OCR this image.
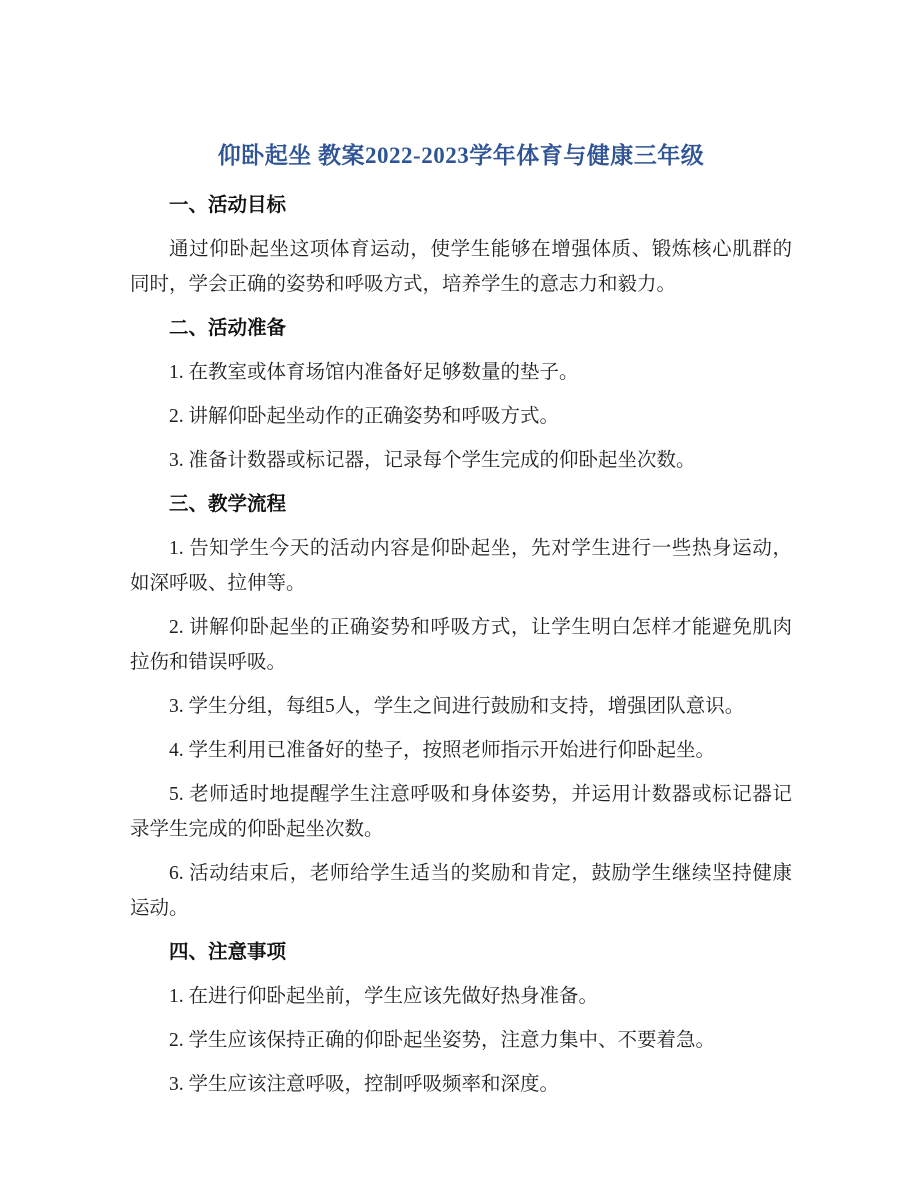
仰卧起坐 教案2022-2023学年体育与健康三年级

一、活动目标

通过仰卧起坐这项体育运动，使学生能够在增强体质、锻炼核心肌群的同时，学会正确的姿势和呼吸方式，培养学生的意志力和毅力。

二、活动准备

1. 在教室或体育场馆内准备好足够数量的垫子。

2. 讲解仰卧起坐动作的正确姿势和呼吸方式。

3. 准备计数器或标记器，记录每个学生完成的仰卧起坐次数。

三、教学流程

1. 告知学生今天的活动内容是仰卧起坐，先对学生进行一些热身运动，如深呼吸、拉伸等。

2. 讲解仰卧起坐的正确姿势和呼吸方式，让学生明白怎样才能避免肌肉拉伤和错误呼吸。

3. 学生分组，每组5人，学生之间进行鼓励和支持，增强团队意识。

4. 学生利用已准备好的垫子，按照老师指示开始进行仰卧起坐。

5. 老师适时地提醒学生注意呼吸和身体姿势，并运用计数器或标记器记录学生完成的仰卧起坐次数。

6. 活动结束后，老师给学生适当的奖励和肯定，鼓励学生继续坚持健康运动。

四、注意事项

1. 在进行仰卧起坐前，学生应该先做好热身准备。

2. 学生应该保持正确的仰卧起坐姿势，注意力集中、不要着急。

3. 学生应该注意呼吸，控制呼吸频率和深度。
